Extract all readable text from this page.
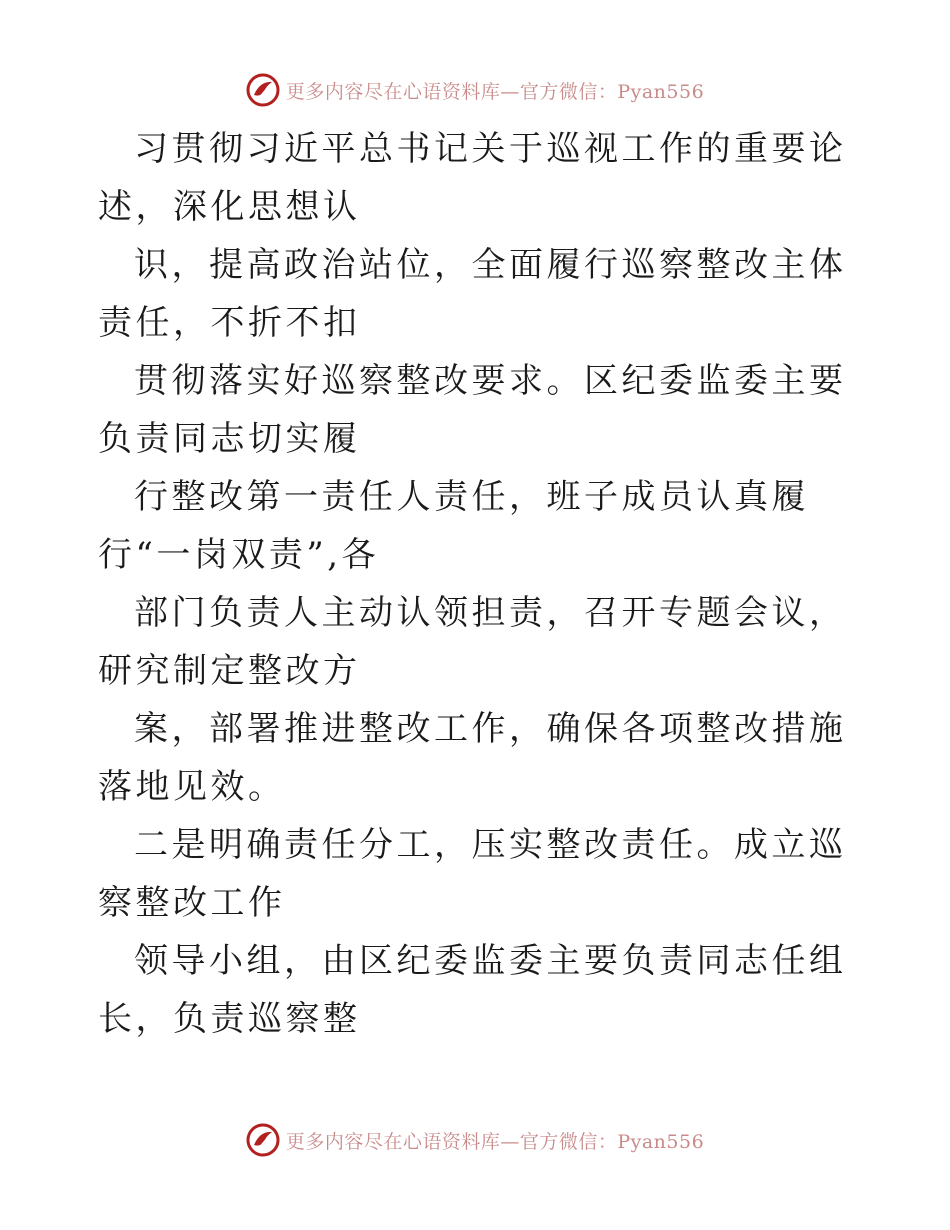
更多内容尽在心语资料库—官方微信：Pyan556

习贯彻习近平总书记关于巡视工作的重要论述，深化思想认

识，提高政治站位，全面履行巡察整改主体责任，不折不扣

贯彻落实好巡察整改要求。区纪委监委主要负责同志切实履

行整改第一责任人责任，班子成员认真履行“一岗双责”,各

部门负责人主动认领担责，召开专题会议，研究制定整改方

案，部署推进整改工作，确保各项整改措施落地见效。

二是明确责任分工，压实整改责任。成立巡察整改工作

领导小组，由区纪委监委主要负责同志任组长，负责巡察整

更多内容尽在心语资料库—官方微信：Pyan556
